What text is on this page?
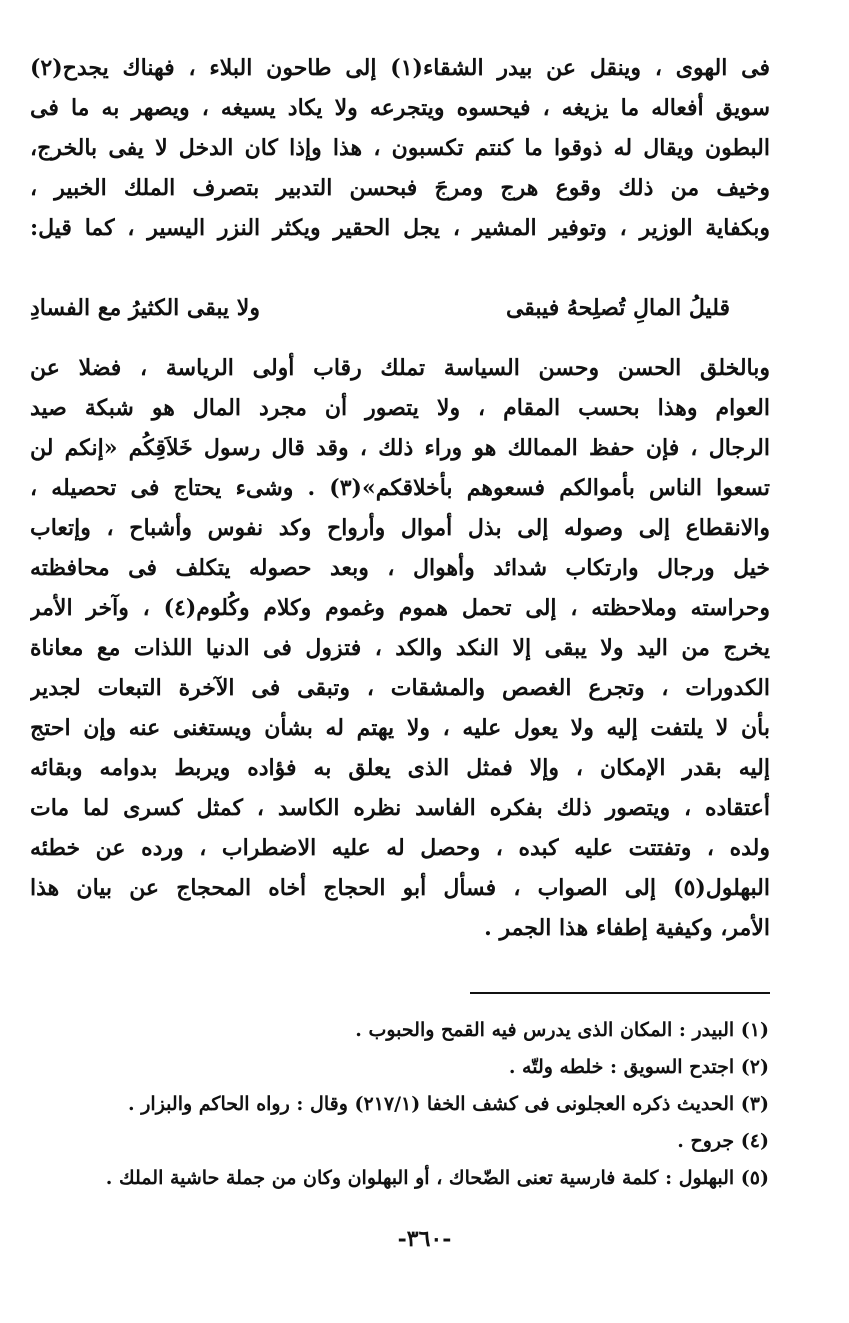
فى الهوى ، وينقل عن بيدر الشقاء(١) إلى طاحون البلاء ، فهناك يجدح(٢)
سويق أفعاله ما يزيغه ، فيحسوه ويتجرعه ولا يكاد يسيغه ، ويصهر به ما فى
البطون ويقال له ذوقوا ما كنتم تكسبون ، هذا وإذا كان الدخل لا يفى بالخرج،
وخيف من ذلك وقوع هرج ومرجَ فبحسن التدبير بتصرف الملك الخبير ،
وبكفاية الوزير ، وتوفير المشير ، يجل الحقير ويكثر النزر اليسير ، كما قيل:
قليلُ المالِ تُصلِحهُ فيبقى
ولا يبقى الكثيرُ مع الفسادِ
وبالخلق الحسن وحسن السياسة تملك رقاب أولى الرياسة ، فضلا عن
العوام وهذا بحسب المقام ، ولا يتصور أن مجرد المال هو شبكة صيد
الرجال ، فإن حفظ الممالك هو وراء ذلك ، وقد قال رسول خَلاَقِكُم «إنكم لن
تسعوا الناس بأموالكم فسعوهم بأخلاقكم»(٣) . وشىء يحتاج فى تحصيله ،
والانقطاع إلى وصوله إلى بذل أموال وأرواح وكد نفوس وأشباح ، وإتعاب
خيل ورجال وارتكاب شدائد وأهوال ، وبعد حصوله يتكلف فى محافظته
وحراسته وملاحظته ، إلى تحمل هموم وغموم وكلام وكُلوم(٤) ، وآخر الأمر
يخرج من اليد ولا يبقى إلا النكد والكد ، فتزول فى الدنيا اللذات مع معاناة
الكدورات ، وتجرع الغصص والمشقات ، وتبقى فى الآخرة التبعات لجدير
بأن لا يلتفت إليه ولا يعول عليه ، ولا يهتم له بشأن ويستغنى عنه وإن احتج
إليه بقدر الإمكان ، وإلا فمثل الذى يعلق به فؤاده ويربط بدوامه وبقائه
أعتقاده ، ويتصور ذلك بفكره الفاسد نظره الكاسد ، كمثل كسرى لما مات
ولده ، وتفتتت عليه كبده ، وحصل له عليه الاضطراب ، ورده عن خطئه
البهلول(٥) إلى الصواب ، فسأل أبو الحجاج أخاه المحجاج عن بيان هذا
الأمر، وكيفية إطفاء هذا الجمر .
(١) البيدر : المكان الذى يدرس فيه القمح والحبوب .
(٢) اجتدح السويق : خلطه ولتّه .
(٣) الحديث ذكره العجلونى فى كشف الخفا (٢١٧/١) وقال : رواه الحاكم والبزار .
(٤) جروح .
(٥) البهلول : كلمة فارسية تعنى الضّحاك ، أو البهلوان وكان من جملة حاشية الملك .
-٣٦٠-
